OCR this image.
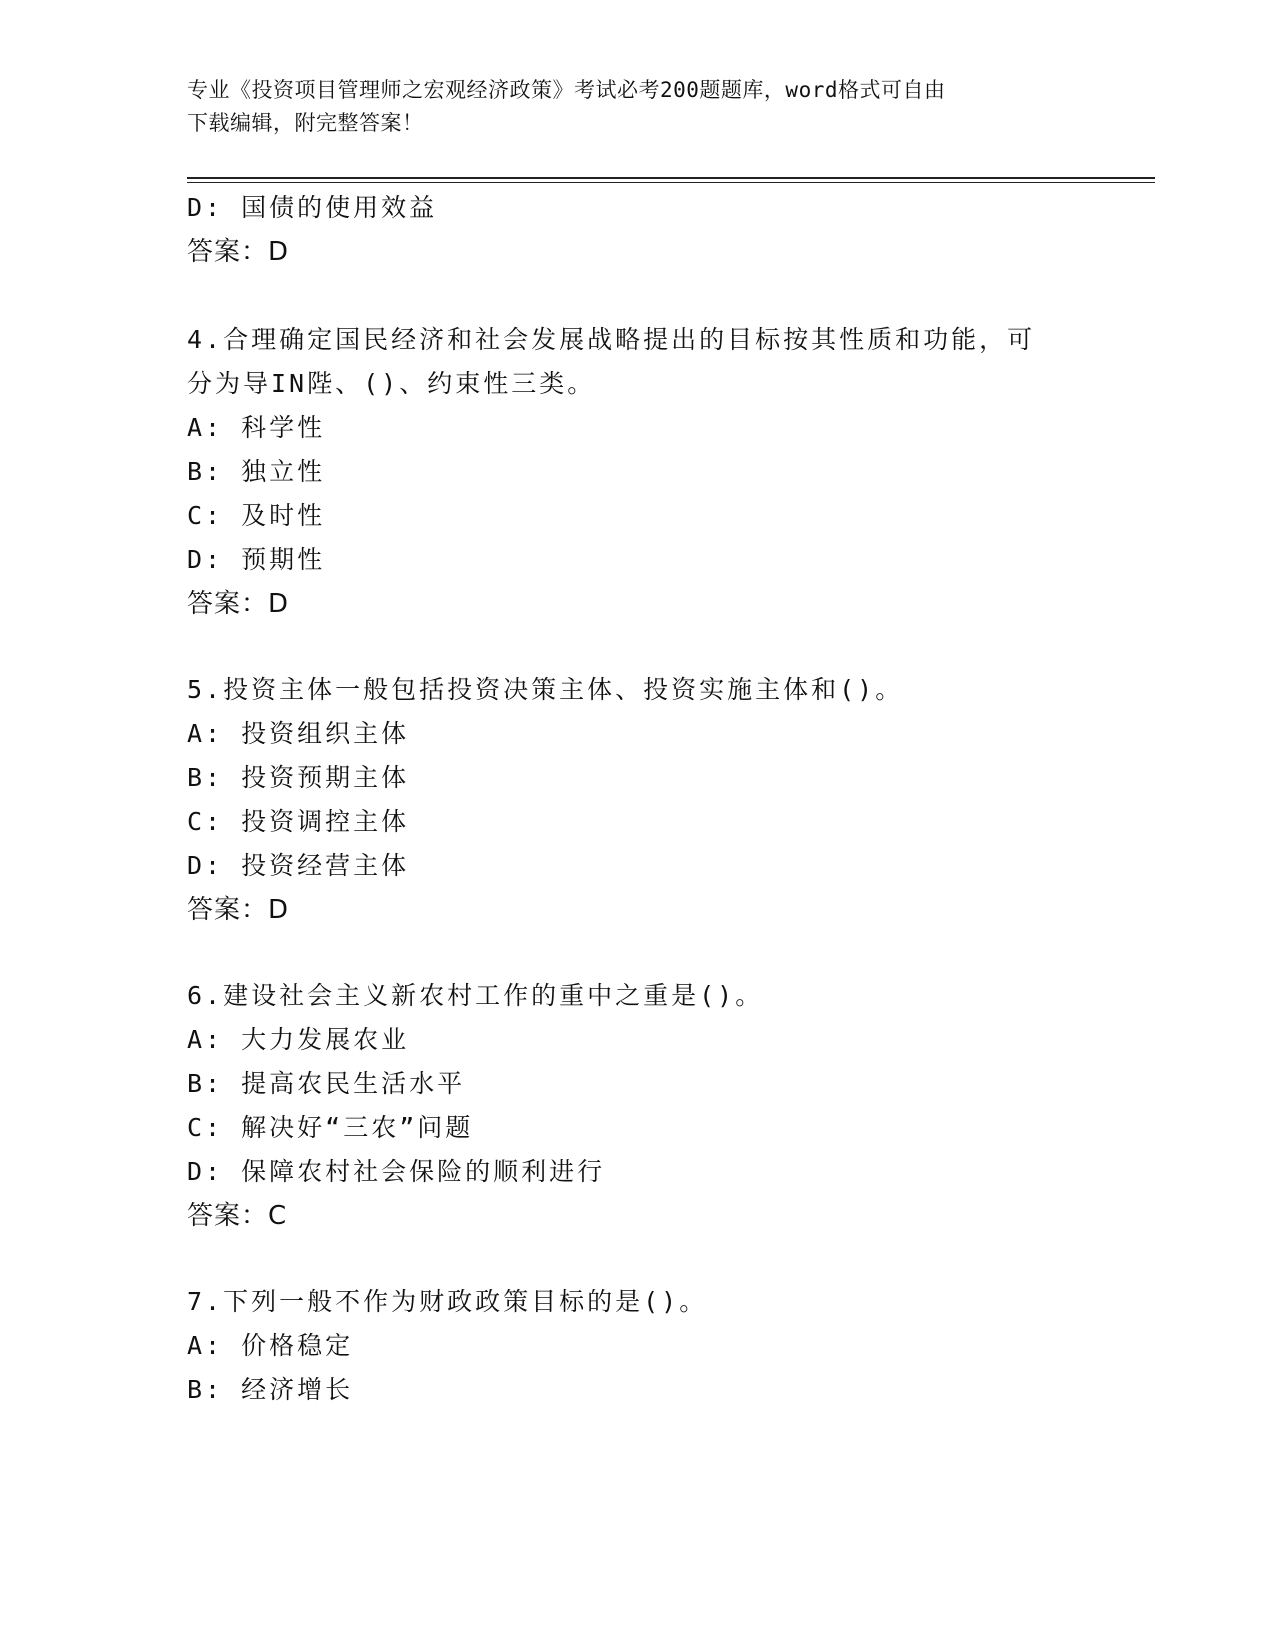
专业《投资项目管理师之宏观经济政策》考试必考200题题库，word格式可自由
下载编辑，附完整答案！
D: 国债的使用效益
答案：D
4.合理确定国民经济和社会发展战略提出的目标按其性质和功能，可
分为导IN陛、()、约束性三类。
A: 科学性
B: 独立性
C: 及时性
D: 预期性
答案：D
5.投资主体一般包括投资决策主体、投资实施主体和()。
A: 投资组织主体
B: 投资预期主体
C: 投资调控主体
D: 投资经营主体
答案：D
6.建设社会主义新农村工作的重中之重是()。
A: 大力发展农业
B: 提高农民生活水平
C: 解决好“三农”问题
D: 保障农村社会保险的顺利进行
答案：C
7.下列一般不作为财政政策目标的是()。
A: 价格稳定
B: 经济增长
